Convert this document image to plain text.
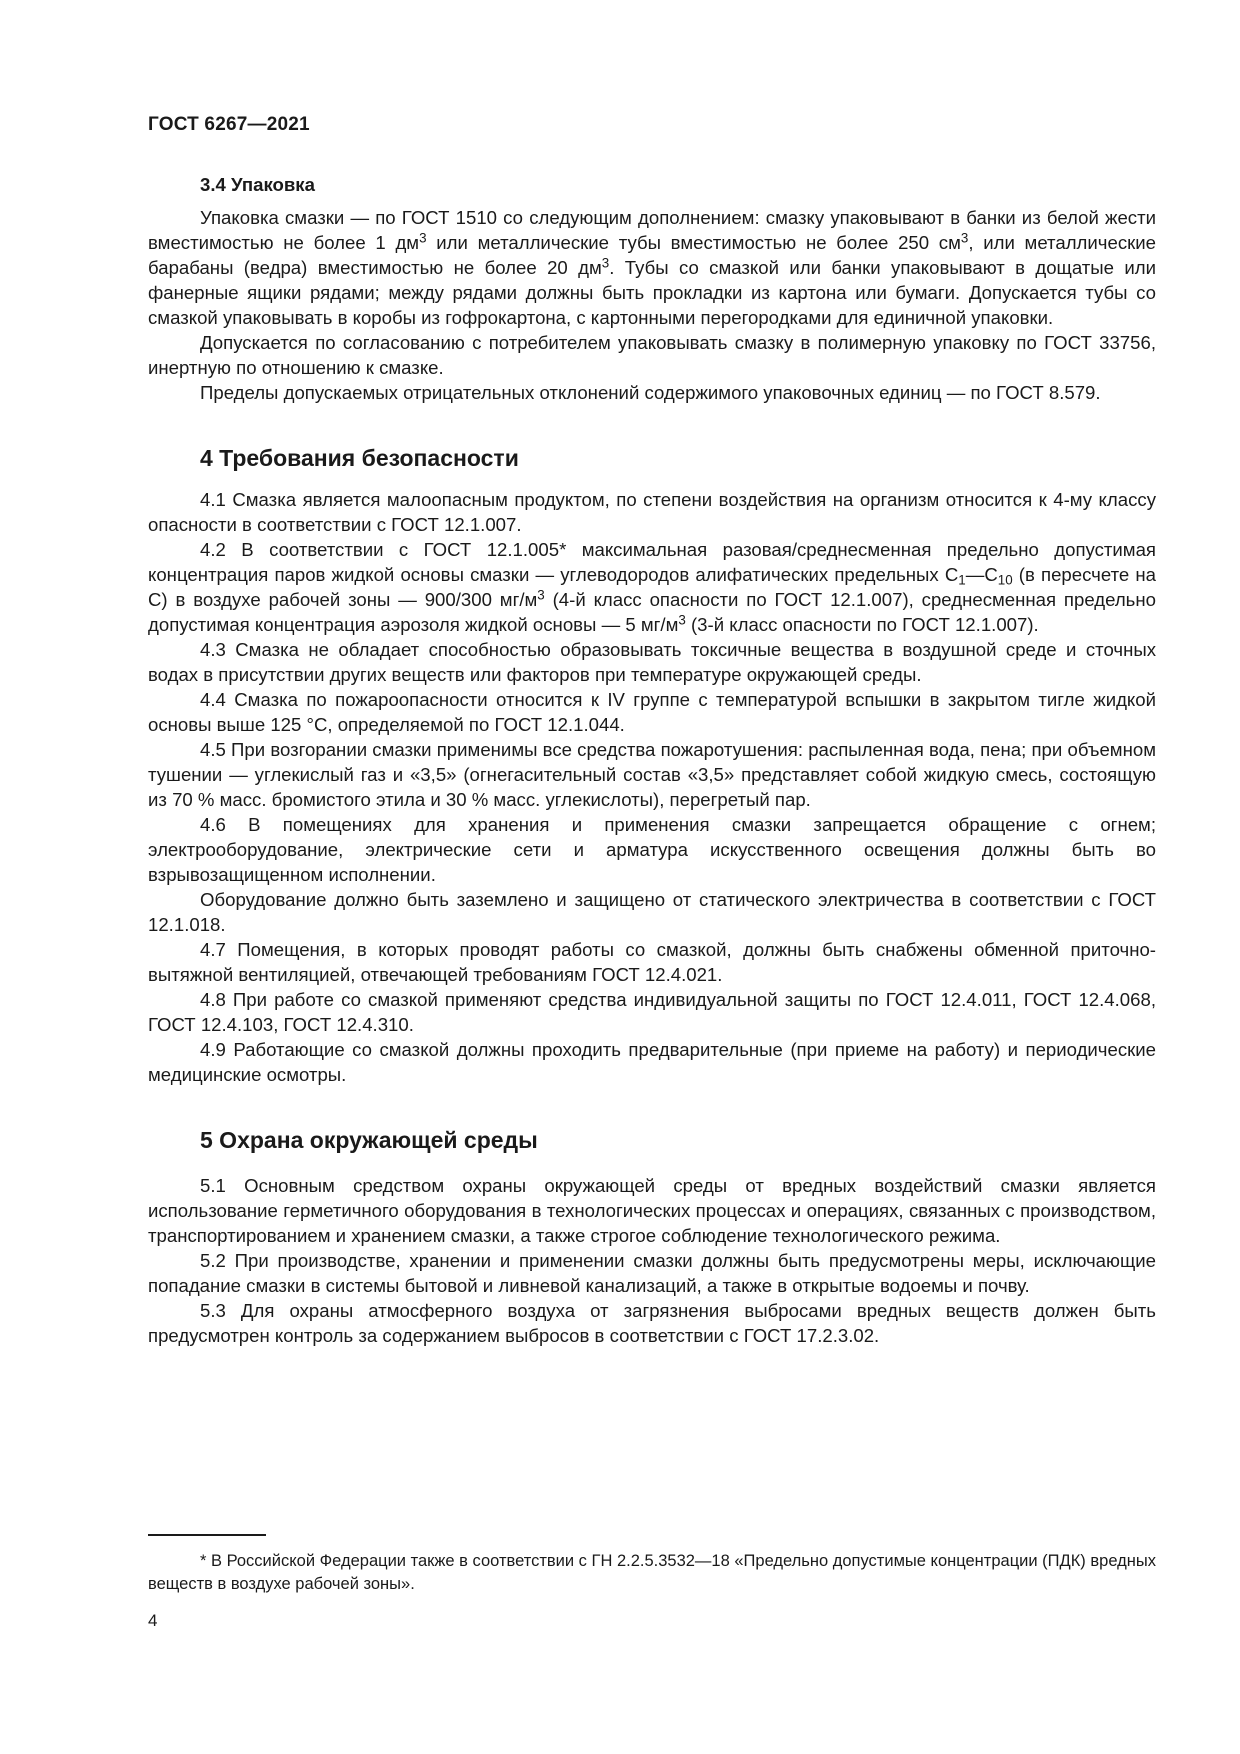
ГОСТ 6267—2021
3.4 Упаковка

Упаковка смазки — по ГОСТ 1510 со следующим дополнением: смазку упаковывают в банки из белой жести вместимостью не более 1 $дм^3$ или металлические тубы вместимостью не более 250 $см^3$, или металлические барабаны (ведра) вместимостью не более 20 $дм^3$. Тубы со смазкой или банки упаковывают в дощатые или фанерные ящики рядами; между рядами должны быть прокладки из картона или бумаги. Допускается тубы со смазкой упаковывать в коробы из гофрокартона, с картонными перегородками для единичной упаковки.

Допускается по согласованию с потребителем упаковывать смазку в полимерную упаковку по ГОСТ 33756, инертную по отношению к смазке.

Пределы допускаемых отрицательных отклонений содержимого упаковочных единиц — по ГОСТ 8.579.

4 Требования безопасности

4.1 Смазка является малоопасным продуктом, по степени воздействия на организм относится к 4-му классу опасности в соответствии с ГОСТ 12.1.007.

4.2 В соответствии с ГОСТ 12.1.005* максимальная разовая/среднесменная предельно допустимая концентрация паров жидкой основы смазки — углеводородов алифатических предельных $С_1—С_{10}$ (в пересчете на С) в воздухе рабочей зоны — 900/300 $мг/м^3$ (4-й класс опасности по ГОСТ 12.1.007), среднесменная предельно допустимая концентрация аэрозоля жидкой основы — 5 $мг/м^3$ (3-й класс опасности по ГОСТ 12.1.007).

4.3 Смазка не обладает способностью образовывать токсичные вещества в воздушной среде и сточных водах в присутствии других веществ или факторов при температуре окружающей среды.

4.4 Смазка по пожароопасности относится к IV группе с температурой вспышки в закрытом тигле жидкой основы выше 125 °С, определяемой по ГОСТ 12.1.044.

4.5 При возгорании смазки применимы все средства пожаротушения: распыленная вода, пена; при объемном тушении — углекислый газ и «3,5» (огнегасительный состав «3,5» представляет собой жидкую смесь, состоящую из 70 % масс. бромистого этила и 30 % масс. углекислоты), перегретый пар.

4.6 В помещениях для хранения и применения смазки запрещается обращение с огнем; электрооборудование, электрические сети и арматура искусственного освещения должны быть во взрывозащищенном исполнении.

Оборудование должно быть заземлено и защищено от статического электричества в соответствии с ГОСТ 12.1.018.

4.7 Помещения, в которых проводят работы со смазкой, должны быть снабжены обменной приточно-вытяжной вентиляцией, отвечающей требованиям ГОСТ 12.4.021.

4.8 При работе со смазкой применяют средства индивидуальной защиты по ГОСТ 12.4.011, ГОСТ 12.4.068, ГОСТ 12.4.103, ГОСТ 12.4.310.

4.9 Работающие со смазкой должны проходить предварительные (при приеме на работу) и периодические медицинские осмотры.

5 Охрана окружающей среды

5.1 Основным средством охраны окружающей среды от вредных воздействий смазки является использование герметичного оборудования в технологических процессах и операциях, связанных с производством, транспортированием и хранением смазки, а также строгое соблюдение технологического режима.

5.2 При производстве, хранении и применении смазки должны быть предусмотрены меры, исключающие попадание смазки в системы бытовой и ливневой канализаций, а также в открытые водоемы и почву.

5.3 Для охраны атмосферного воздуха от загрязнения выбросами вредных веществ должен быть предусмотрен контроль за содержанием выбросов в соответствии с ГОСТ 17.2.3.02.

* В Российской Федерации также в соответствии с ГН 2.2.5.3532—18 «Предельно допустимые концентрации (ПДК) вредных веществ в воздухе рабочей зоны».
4
